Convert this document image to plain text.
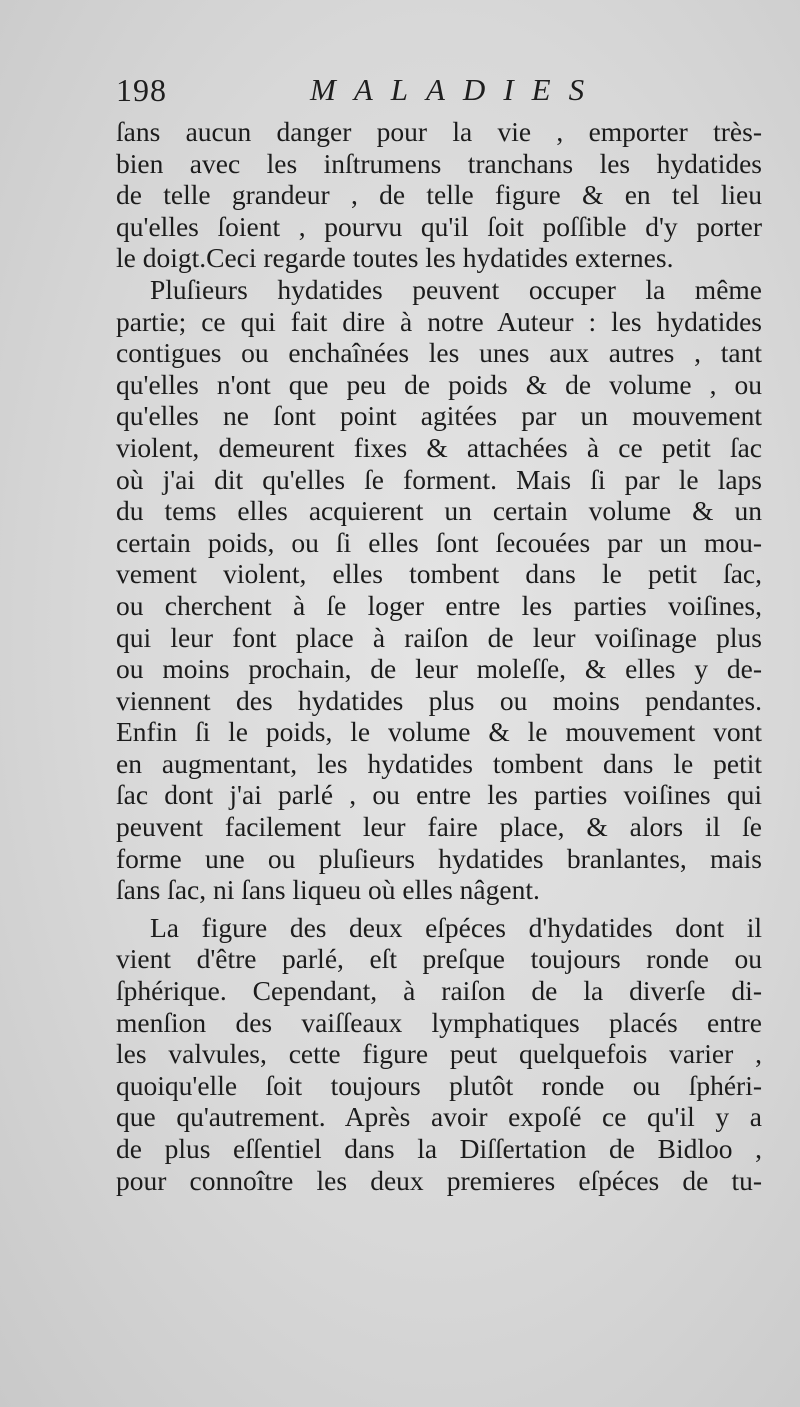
198	MALADIES
ſans aucun danger pour la vie , emporter très-
bien avec les inſtrumens tranchans les hydatides
de telle grandeur , de telle figure & en tel lieu
qu'elles ſoient , pourvu qu'il ſoit poſſible d'y porter
le doigt.Ceci regarde toutes les hydatides externes.
Pluſieurs hydatides peuvent occuper la même
partie; ce qui fait dire à notre Auteur : les hydatides
contigues ou enchaînées les unes aux autres , tant
qu'elles n'ont que peu de poids & de volume , ou
qu'elles ne ſont point agitées par un mouvement
violent, demeurent fixes & attachées à ce petit ſac
où j'ai dit qu'elles ſe forment. Mais ſi par le laps
du tems elles acquierent un certain volume & un
certain poids, ou ſi elles ſont ſecouées par un mou-
vement violent, elles tombent dans le petit ſac,
ou cherchent à ſe loger entre les parties voiſines,
qui leur font place à raiſon de leur voiſinage plus
ou moins prochain, de leur moleſſe, & elles y de-
viennent des hydatides plus ou moins pendantes.
Enfin ſi le poids, le volume & le mouvement vont
en augmentant, les hydatides tombent dans le petit
ſac dont j'ai parlé , ou entre les parties voiſines qui
peuvent facilement leur faire place, & alors il ſe
forme une ou pluſieurs hydatides branlantes, mais
ſans ſac, ni ſans liqueu où elles nâgent.
La figure des deux eſpéces d'hydatides dont il
vient d'être parlé, eſt preſque toujours ronde ou
ſphérique. Cependant, à raiſon de la diverſe di-
menſion des vaiſſeaux lymphatiques placés entre
les valvules, cette figure peut quelquefois varier ,
quoiqu'elle ſoit toujours plutôt ronde ou ſphéri-
que qu'autrement. Après avoir expoſé ce qu'il y a
de plus eſſentiel dans la Diſſertation de Bidloo ,
pour connoître les deux premieres eſpéces de tu-
